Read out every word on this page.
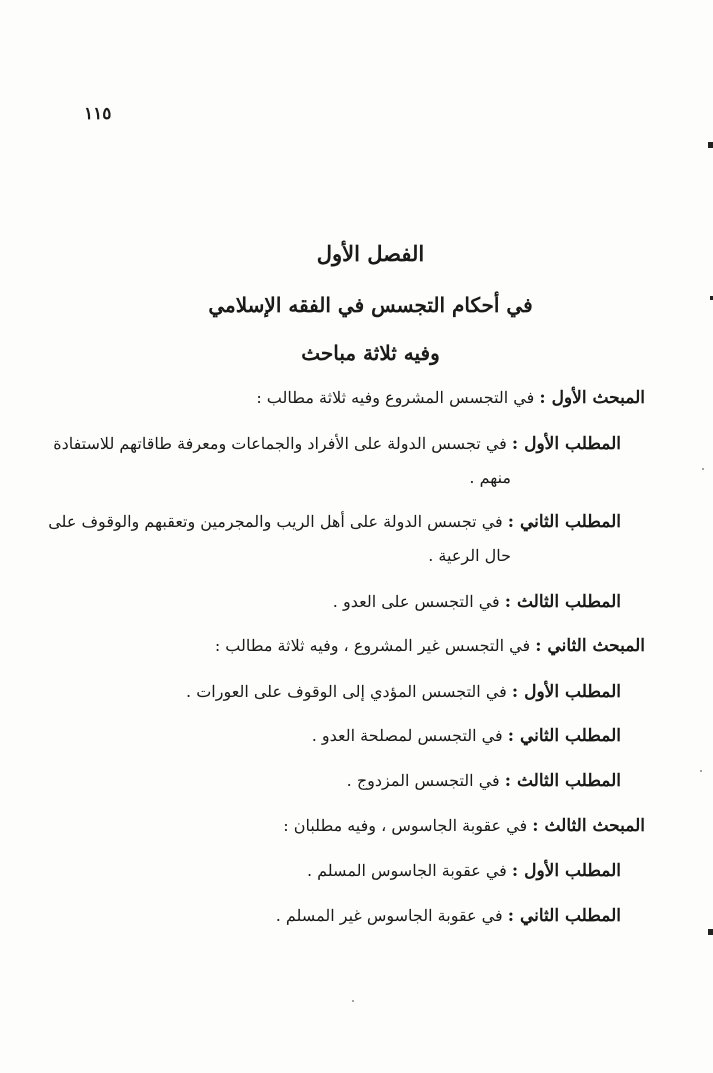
١١٥
الفصل الأول
في أحكام التجسس في الفقه الإسلامي
وفيه ثلاثة مباحث
المبحث الأول : في التجسس المشروع وفيه ثلاثة مطالب :
المطلب الأول : في تجسس الدولة على الأفراد والجماعات ومعرفة طاقاتهم للاستفادة
منهم .
المطلب الثاني : في تجسس الدولة على أهل الريب والمجرمين وتعقبهم والوقوف على
حال الرعية .
المطلب الثالث : في التجسس على العدو .
المبحث الثاني : في التجسس غير المشروع ، وفيه ثلاثة مطالب :
المطلب الأول : في التجسس المؤدي إلى الوقوف على العورات .
المطلب الثاني : في التجسس لمصلحة العدو .
المطلب الثالث : في التجسس المزدوج .
المبحث الثالث : في عقوبة الجاسوس ، وفيه مطلبان :
المطلب الأول : في عقوبة الجاسوس المسلم .
المطلب الثاني : في عقوبة الجاسوس غير المسلم .
